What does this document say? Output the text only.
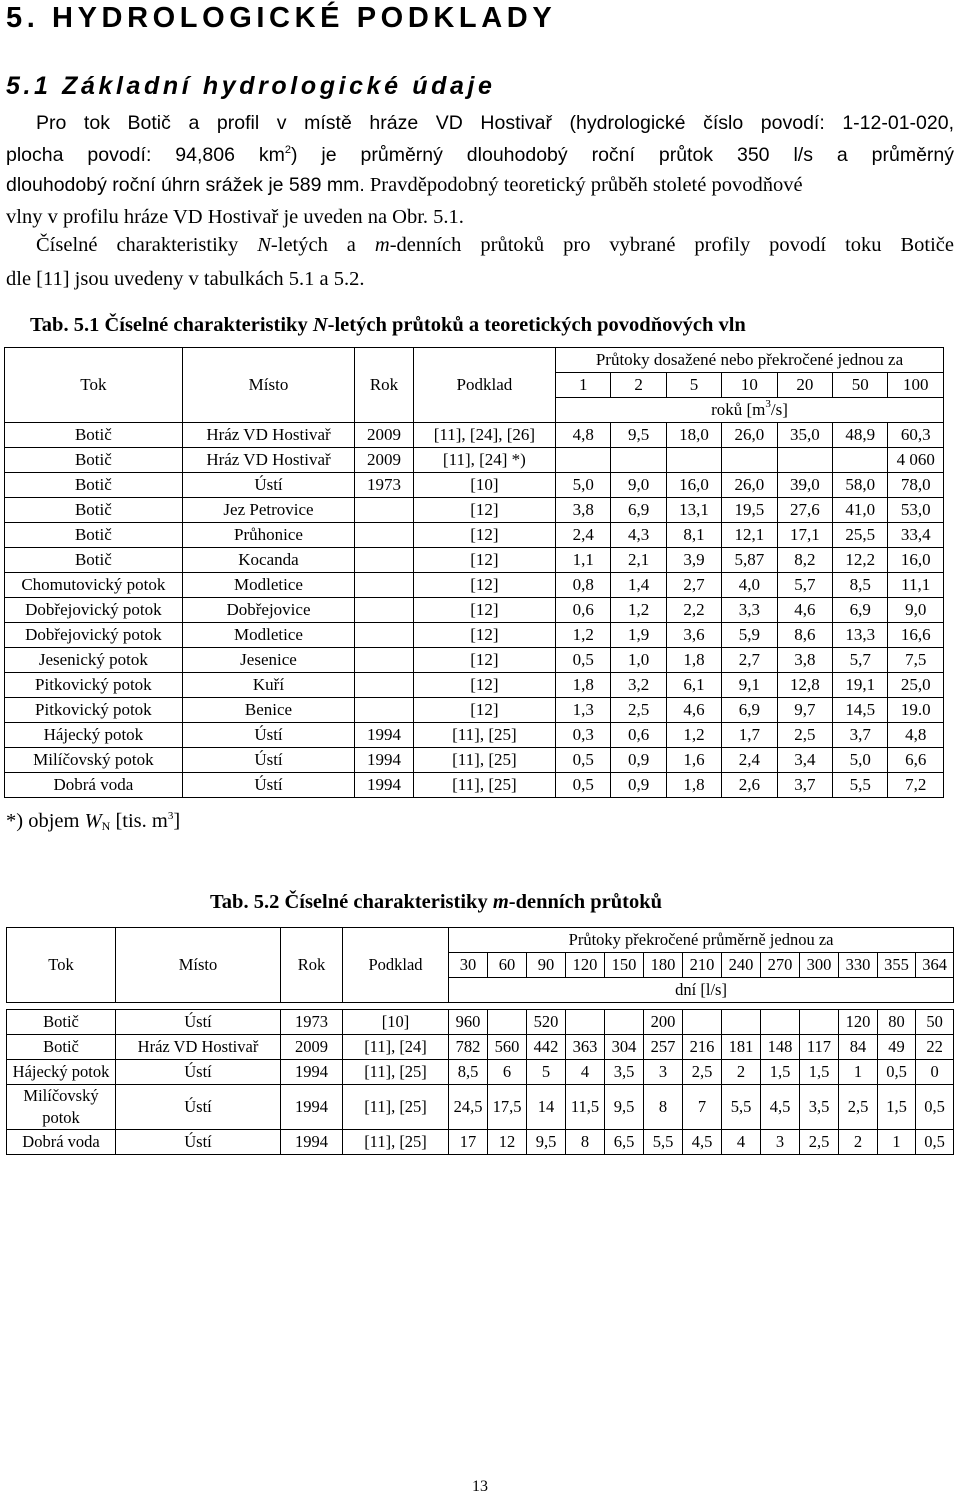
5. HYDROLOGICKÉ PODKLADY
5.1 Základní hydrologické údaje
Pro tok Botič a profil v místě hráze VD Hostivař (hydrologické číslo povodí: 1-12-01-020,
plocha povodí: 94,806 $km^2$) je průměrný dlouhodobý roční průtok 350 l/s a průměrný
dlouhodobý roční úhrn srážek je 589 mm. Pravděpodobný teoretický průběh stoleté povodňové
vlny v profilu hráze VD Hostivař je uveden na Obr. 5.1.
Číselné charakteristiky N-letých a m-denních průtoků pro vybrané profily povodí toku Botiče
dle [11] jsou uvedeny v tabulkách 5.1 a 5.2.
Tab. 5.1 Číselné charakteristiky N-letých průtoků a teoretických povodňových vln
Tok	Místo	Rok	Podklad	Průtoky dosažené nebo překročené jednou za						
				1	2	5	10	20	50	100
				roků $[m^3/s]$						
Botič	Hráz VD Hostivař	2009	[11], [24], [26]	4,8	9,5	18,0	26,0	35,0	48,9	60,3
Botič	Hráz VD Hostivař	2009	[11], [24] *)							4 060
Botič	Ústí	1973	[10]	5,0	9,0	16,0	26,0	39,0	58,0	78,0
Botič	Jez Petrovice		[12]	3,8	6,9	13,1	19,5	27,6	41,0	53,0
Botič	Průhonice		[12]	2,4	4,3	8,1	12,1	17,1	25,5	33,4
Botič	Kocanda		[12]	1,1	2,1	3,9	5,87	8,2	12,2	16,0
Chomutovický potok	Modletice		[12]	0,8	1,4	2,7	4,0	5,7	8,5	11,1
Dobřejovický potok	Dobřejovice		[12]	0,6	1,2	2,2	3,3	4,6	6,9	9,0
Dobřejovický potok	Modletice		[12]	1,2	1,9	3,6	5,9	8,6	13,3	16,6
Jesenický potok	Jesenice		[12]	0,5	1,0	1,8	2,7	3,8	5,7	7,5
Pitkovický potok	Kuří		[12]	1,8	3,2	6,1	9,1	12,8	19,1	25,0
Pitkovický potok	Benice		[12]	1,3	2,5	4,6	6,9	9,7	14,5	19.0
Hájecký potok	Ústí	1994	[11], [25]	0,3	0,6	1,2	1,7	2,5	3,7	4,8
Milíčovský potok	Ústí	1994	[11], [25]	0,5	0,9	1,6	2,4	3,4	5,0	6,6
Dobrá voda	Ústí	1994	[11], [25]	0,5	0,9	1,8	2,6	3,7	5,5	7,2
*) objem $W_N$ [tis. $m^3$]
Tab. 5.2 Číselné charakteristiky m-denních průtoků
Tok	Místo	Rok	Podklad	Průtoky překročené průměrně jednou za												
				30	60	90	120	150	180	210	240	270	300	330	355	364
				dní [l/s]												

Botič	Ústí	1973	[10]	960		520			200					120	80	50
Botič	Hráz VD Hostivař	2009	[11], [24]	782	560	442	363	304	257	216	181	148	117	84	49	22
Hájecký potok	Ústí	1994	[11], [25]	8,5	6	5	4	3,5	3	2,5	2	1,5	1,5	1	0,5	0
Milíčovský potok	Ústí	1994	[11], [25]	24,5	17,5	14	11,5	9,5	8	7	5,5	4,5	3,5	2,5	1,5	0,5
Dobrá voda	Ústí	1994	[11], [25]	17	12	9,5	8	6,5	5,5	4,5	4	3	2,5	2	1	0,5
13
